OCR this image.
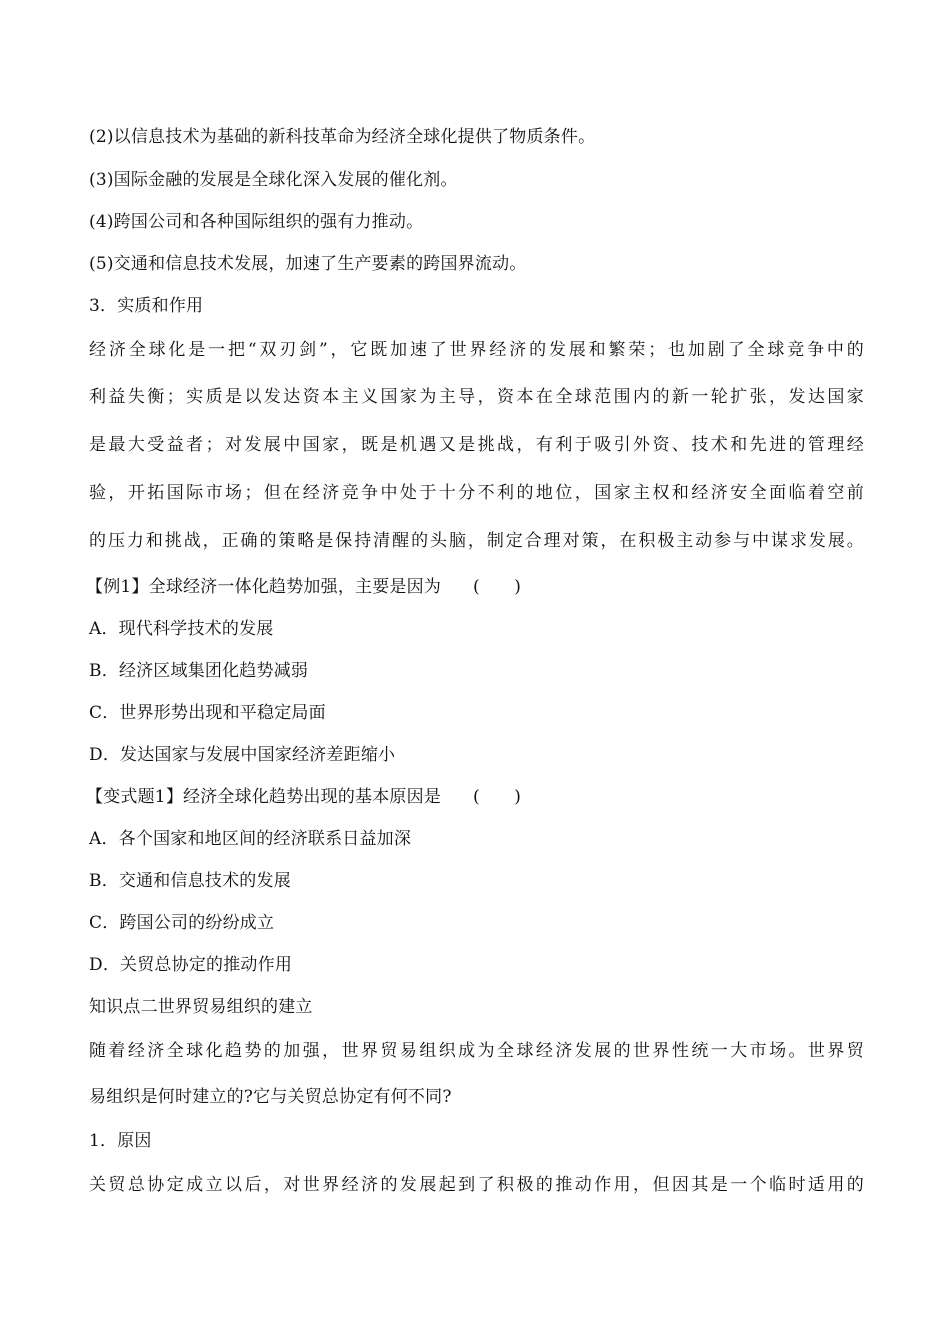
(2)以信息技术为基础的新科技革命为经济全球化提供了物质条件。
(3)国际金融的发展是全球化深入发展的催化剂。
(4)跨国公司和各种国际组织的强有力推动。
(5)交通和信息技术发展，加速了生产要素的跨国界流动。
3．实质和作用
经济全球化是一把“双刃剑”，它既加速了世界经济的发展和繁荣；也加剧了全球竞争中的
利益失衡；实质是以发达资本主义国家为主导，资本在全球范围内的新一轮扩张，发达国家
是最大受益者；对发展中国家，既是机遇又是挑战，有利于吸引外资、技术和先进的管理经
验，开拓国际市场；但在经济竞争中处于十分不利的地位，国家主权和经济安全面临着空前
的压力和挑战，正确的策略是保持清醒的头脑，制定合理对策，在积极主动参与中谋求发展。
【例1】全球经济一体化趋势加强，主要是因为 (　　)
A．现代科学技术的发展
B．经济区域集团化趋势减弱
C．世界形势出现和平稳定局面
D．发达国家与发展中国家经济差距缩小
【变式题1】经济全球化趋势出现的基本原因是 (　　)
A．各个国家和地区间的经济联系日益加深
B．交通和信息技术的发展
C．跨国公司的纷纷成立
D．关贸总协定的推动作用
知识点二世界贸易组织的建立
随着经济全球化趋势的加强，世界贸易组织成为全球经济发展的世界性统一大市场。世界贸
易组织是何时建立的?它与关贸总协定有何不同?
1．原因
关贸总协定成立以后，对世界经济的发展起到了积极的推动作用，但因其是一个临时适用的
